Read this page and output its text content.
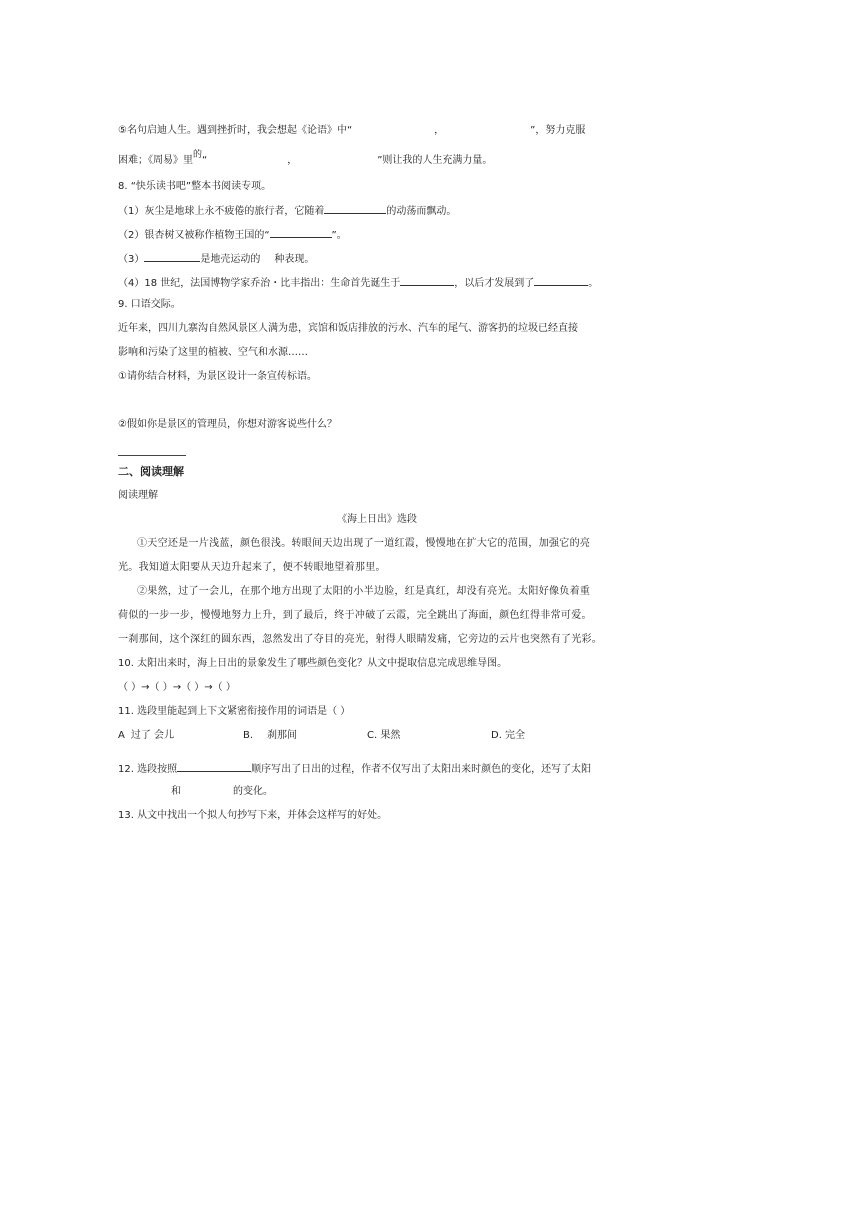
⑤名句启迪人生。遇到挫折时，我会想起《论语》中“	，	”，努力克服
困难；《周易》里的“	，	”则让我的人生充满力量。
8. “快乐读书吧”整本书阅读专项。
（1）灰尘是地球上永不疲倦的旅行者，它随着	的动荡而飘动。
（2）银杏树又被称作植物王国的“	”。
（3）	是地壳运动的 种表现。
（4）18 世纪，法国博物学家乔治・比丰指出：生命首先诞生于	，以后才发展到了	。
9. 口语交际。
近年来，四川九寨沟自然风景区人满为患，宾馆和饭店排放的污水、汽车的尾气、游客扔的垃圾已经直接
影响和污染了这里的植被、空气和水源……
①请你结合材料，为景区设计一条宣传标语。
②假如你是景区的管理员，你想对游客说些什么？
二、阅读理解
阅读理解
《海上日出》选段
①天空还是一片浅蓝，颜色很浅。转眼间天边出现了一道红霞，慢慢地在扩大它的范围，加强它的亮
光。我知道太阳要从天边升起来了，便不转眼地望着那里。
②果然，过了一会儿，在那个地方出现了太阳的小半边脸，红是真红，却没有亮光。太阳好像负着重
荷似的一步一步，慢慢地努力上升，到了最后，终于冲破了云霞，完全跳出了海面，颜色红得非常可爱。
一刹那间，这个深红的圆东西，忽然发出了夺目的亮光，射得人眼睛发痛，它旁边的云片也突然有了光彩。
10. 太阳出来时，海上日出的景象发生了哪些颜色变化？从文中提取信息完成思维导图。
（ ）→（ ）→（ ）→（ ）
11. 选段里能起到上下文紧密衔接作用的词语是（ ）
A 过了 会儿	B. 刹那间	C. 果然	D. 完全
12. 选段按照	顺序写出了日出的过程，作者不仅写出了太阳出来时颜色的变化，还写了太阳
和	的变化。
13. 从文中找出一个拟人句抄写下来，并体会这样写的好处。
